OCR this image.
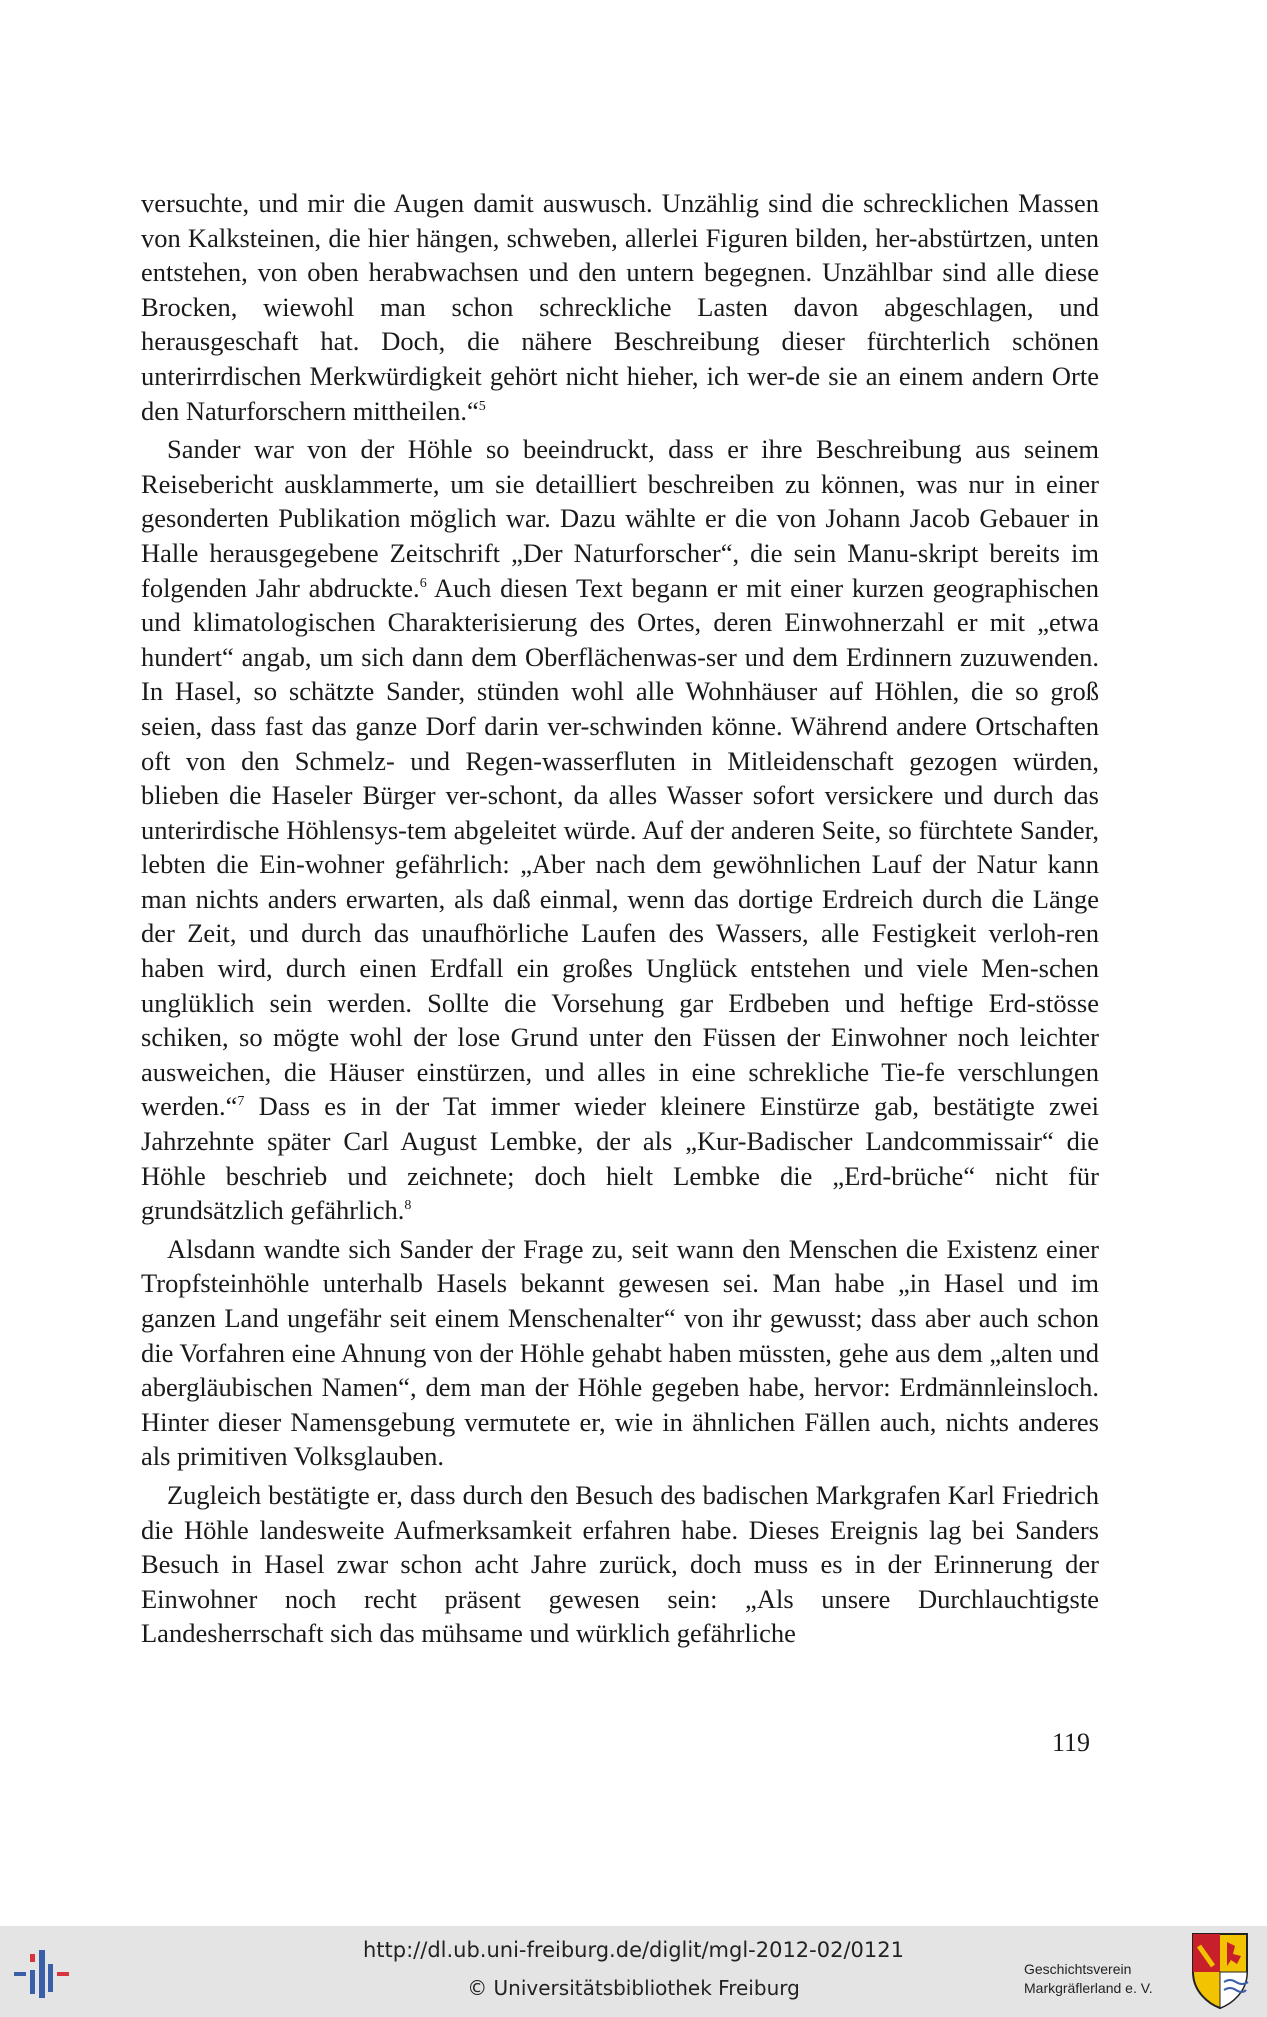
versuchte, und mir die Augen damit auswusch. Unzählig sind die schrecklichen Massen von Kalksteinen, die hier hängen, schweben, allerlei Figuren bilden, her-abstürtzen, unten entstehen, von oben herabwachsen und den untern begegnen. Unzählbar sind alle diese Brocken, wiewohl man schon schreckliche Lasten davon abgeschlagen, und herausgeschaft hat. Doch, die nähere Beschreibung dieser fürchterlich schönen unterirrdischen Merkwürdigkeit gehört nicht hieher, ich wer-de sie an einem andern Orte den Naturforschern mittheilen.“$^5$

Sander war von der Höhle so beeindruckt, dass er ihre Beschreibung aus seinem Reisebericht ausklammerte, um sie detailliert beschreiben zu können, was nur in einer gesonderten Publikation möglich war. Dazu wählte er die von Johann Jacob Gebauer in Halle herausgegebene Zeitschrift „Der Naturforscher“, die sein Manu-skript bereits im folgenden Jahr abdruckte.$^6$ Auch diesen Text begann er mit einer kurzen geographischen und klimatologischen Charakterisierung des Ortes, deren Einwohnerzahl er mit „etwa hundert“ angab, um sich dann dem Oberflächenwas-ser und dem Erdinnern zuzuwenden. In Hasel, so schätzte Sander, stünden wohl alle Wohnhäuser auf Höhlen, die so groß seien, dass fast das ganze Dorf darin ver-schwinden könne. Während andere Ortschaften oft von den Schmelz- und Regen-wasserfluten in Mitleidenschaft gezogen würden, blieben die Haseler Bürger ver-schont, da alles Wasser sofort versickere und durch das unterirdische Höhlensys-tem abgeleitet würde. Auf der anderen Seite, so fürchtete Sander, lebten die Ein-wohner gefährlich: „Aber nach dem gewöhnlichen Lauf der Natur kann man nichts anders erwarten, als daß einmal, wenn das dortige Erdreich durch die Länge der Zeit, und durch das unaufhörliche Laufen des Wassers, alle Festigkeit verloh-ren haben wird, durch einen Erdfall ein großes Unglück entstehen und viele Men-schen unglüklich sein werden. Sollte die Vorsehung gar Erdbeben und heftige Erd-stösse schiken, so mögte wohl der lose Grund unter den Füssen der Einwohner noch leichter ausweichen, die Häuser einstürzen, und alles in eine schrekliche Tie-fe verschlungen werden.“$^7$ Dass es in der Tat immer wieder kleinere Einstürze gab, bestätigte zwei Jahrzehnte später Carl August Lembke, der als „Kur-Badischer Landcommissair“ die Höhle beschrieb und zeichnete; doch hielt Lembke die „Erd-brüche“ nicht für grundsätzlich gefährlich.$^8$

Alsdann wandte sich Sander der Frage zu, seit wann den Menschen die Existenz einer Tropfsteinhöhle unterhalb Hasels bekannt gewesen sei. Man habe „in Hasel und im ganzen Land ungefähr seit einem Menschenalter“ von ihr gewusst; dass aber auch schon die Vorfahren eine Ahnung von der Höhle gehabt haben müssten, gehe aus dem „alten und abergläubischen Namen“, dem man der Höhle gegeben habe, hervor: Erdmännleinsloch. Hinter dieser Namensgebung vermutete er, wie in ähnlichen Fällen auch, nichts anderes als primitiven Volksglauben.

Zugleich bestätigte er, dass durch den Besuch des badischen Markgrafen Karl Friedrich die Höhle landesweite Aufmerksamkeit erfahren habe. Dieses Ereignis lag bei Sanders Besuch in Hasel zwar schon acht Jahre zurück, doch muss es in der Erinnerung der Einwohner noch recht präsent gewesen sein: „Als unsere Durchlauchtigste Landesherrschaft sich das mühsame und würklich gefährliche

119
http://dl.ub.uni-freiburg.de/diglit/mgl-2012-02/0121
© Universitätsbibliothek Freiburg
Geschichtsverein
Markgräflerland e. V.
